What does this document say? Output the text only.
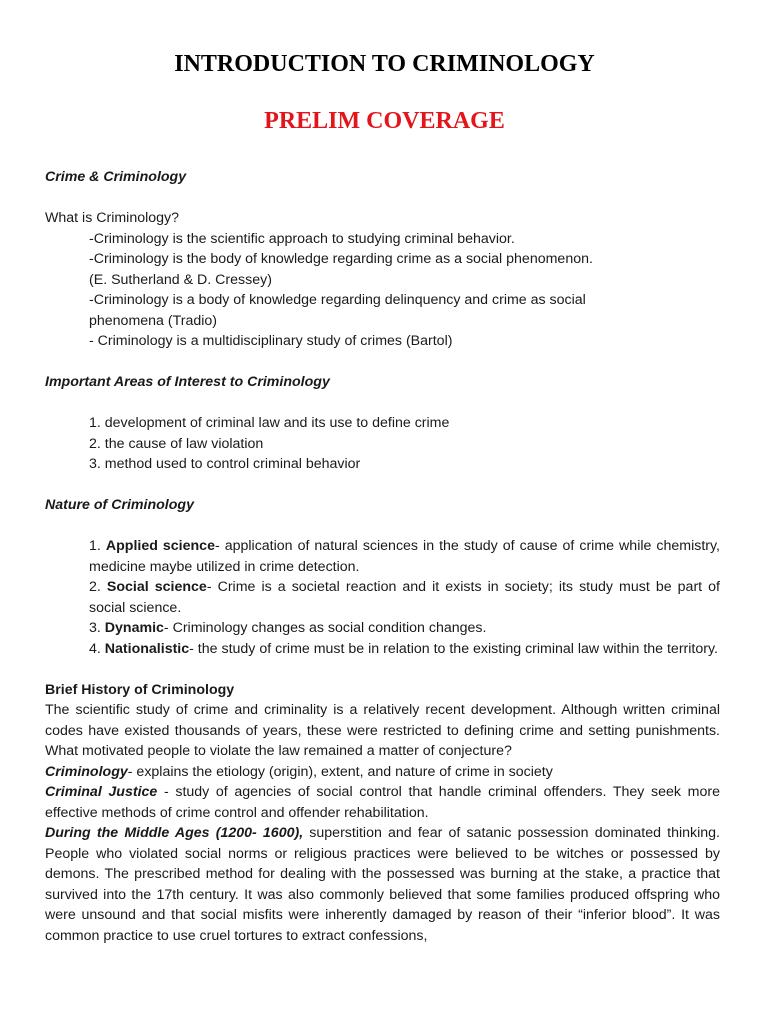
INTRODUCTION TO CRIMINOLOGY
PRELIM COVERAGE

Crime & Criminology

What is Criminology?

-Criminology is the scientific approach to studying criminal behavior.

-Criminology is the body of knowledge regarding crime as a social phenomenon.

(E. Sutherland & D. Cressey)

-Criminology is a body of knowledge regarding delinquency and crime as social

phenomena (Tradio)

- Criminology is a multidisciplinary study of crimes (Bartol)

Important Areas of Interest to Criminology

1. development of criminal law and its use to define crime

2. the cause of law violation

3. method used to control criminal behavior

Nature of Criminology

1. Applied science- application of natural sciences in the study of cause of crime while chemistry, medicine maybe utilized in crime detection.

2. Social science- Crime is a societal reaction and it exists in society; its study must be part of social science.

3. Dynamic- Criminology changes as social condition changes.

4. Nationalistic- the study of crime must be in relation to the existing criminal law within the territory.

Brief History of Criminology

The scientific study of crime and criminality is a relatively recent development. Although written criminal codes have existed thousands of years, these were restricted to defining crime and setting punishments. What motivated people to violate the law remained a matter of conjecture?

Criminology- explains the etiology (origin), extent, and nature of crime in society

Criminal Justice - study of agencies of social control that handle criminal offenders. They seek more effective methods of crime control and offender rehabilitation.

During the Middle Ages (1200- 1600), superstition and fear of satanic possession dominated thinking. People who violated social norms or religious practices were believed to be witches or possessed by demons. The prescribed method for dealing with the possessed was burning at the stake, a practice that survived into the 17th century. It was also commonly believed that some families produced offspring who were unsound and that social misfits were inherently damaged by reason of their “inferior blood”. It was common practice to use cruel tortures to extract confessions,
